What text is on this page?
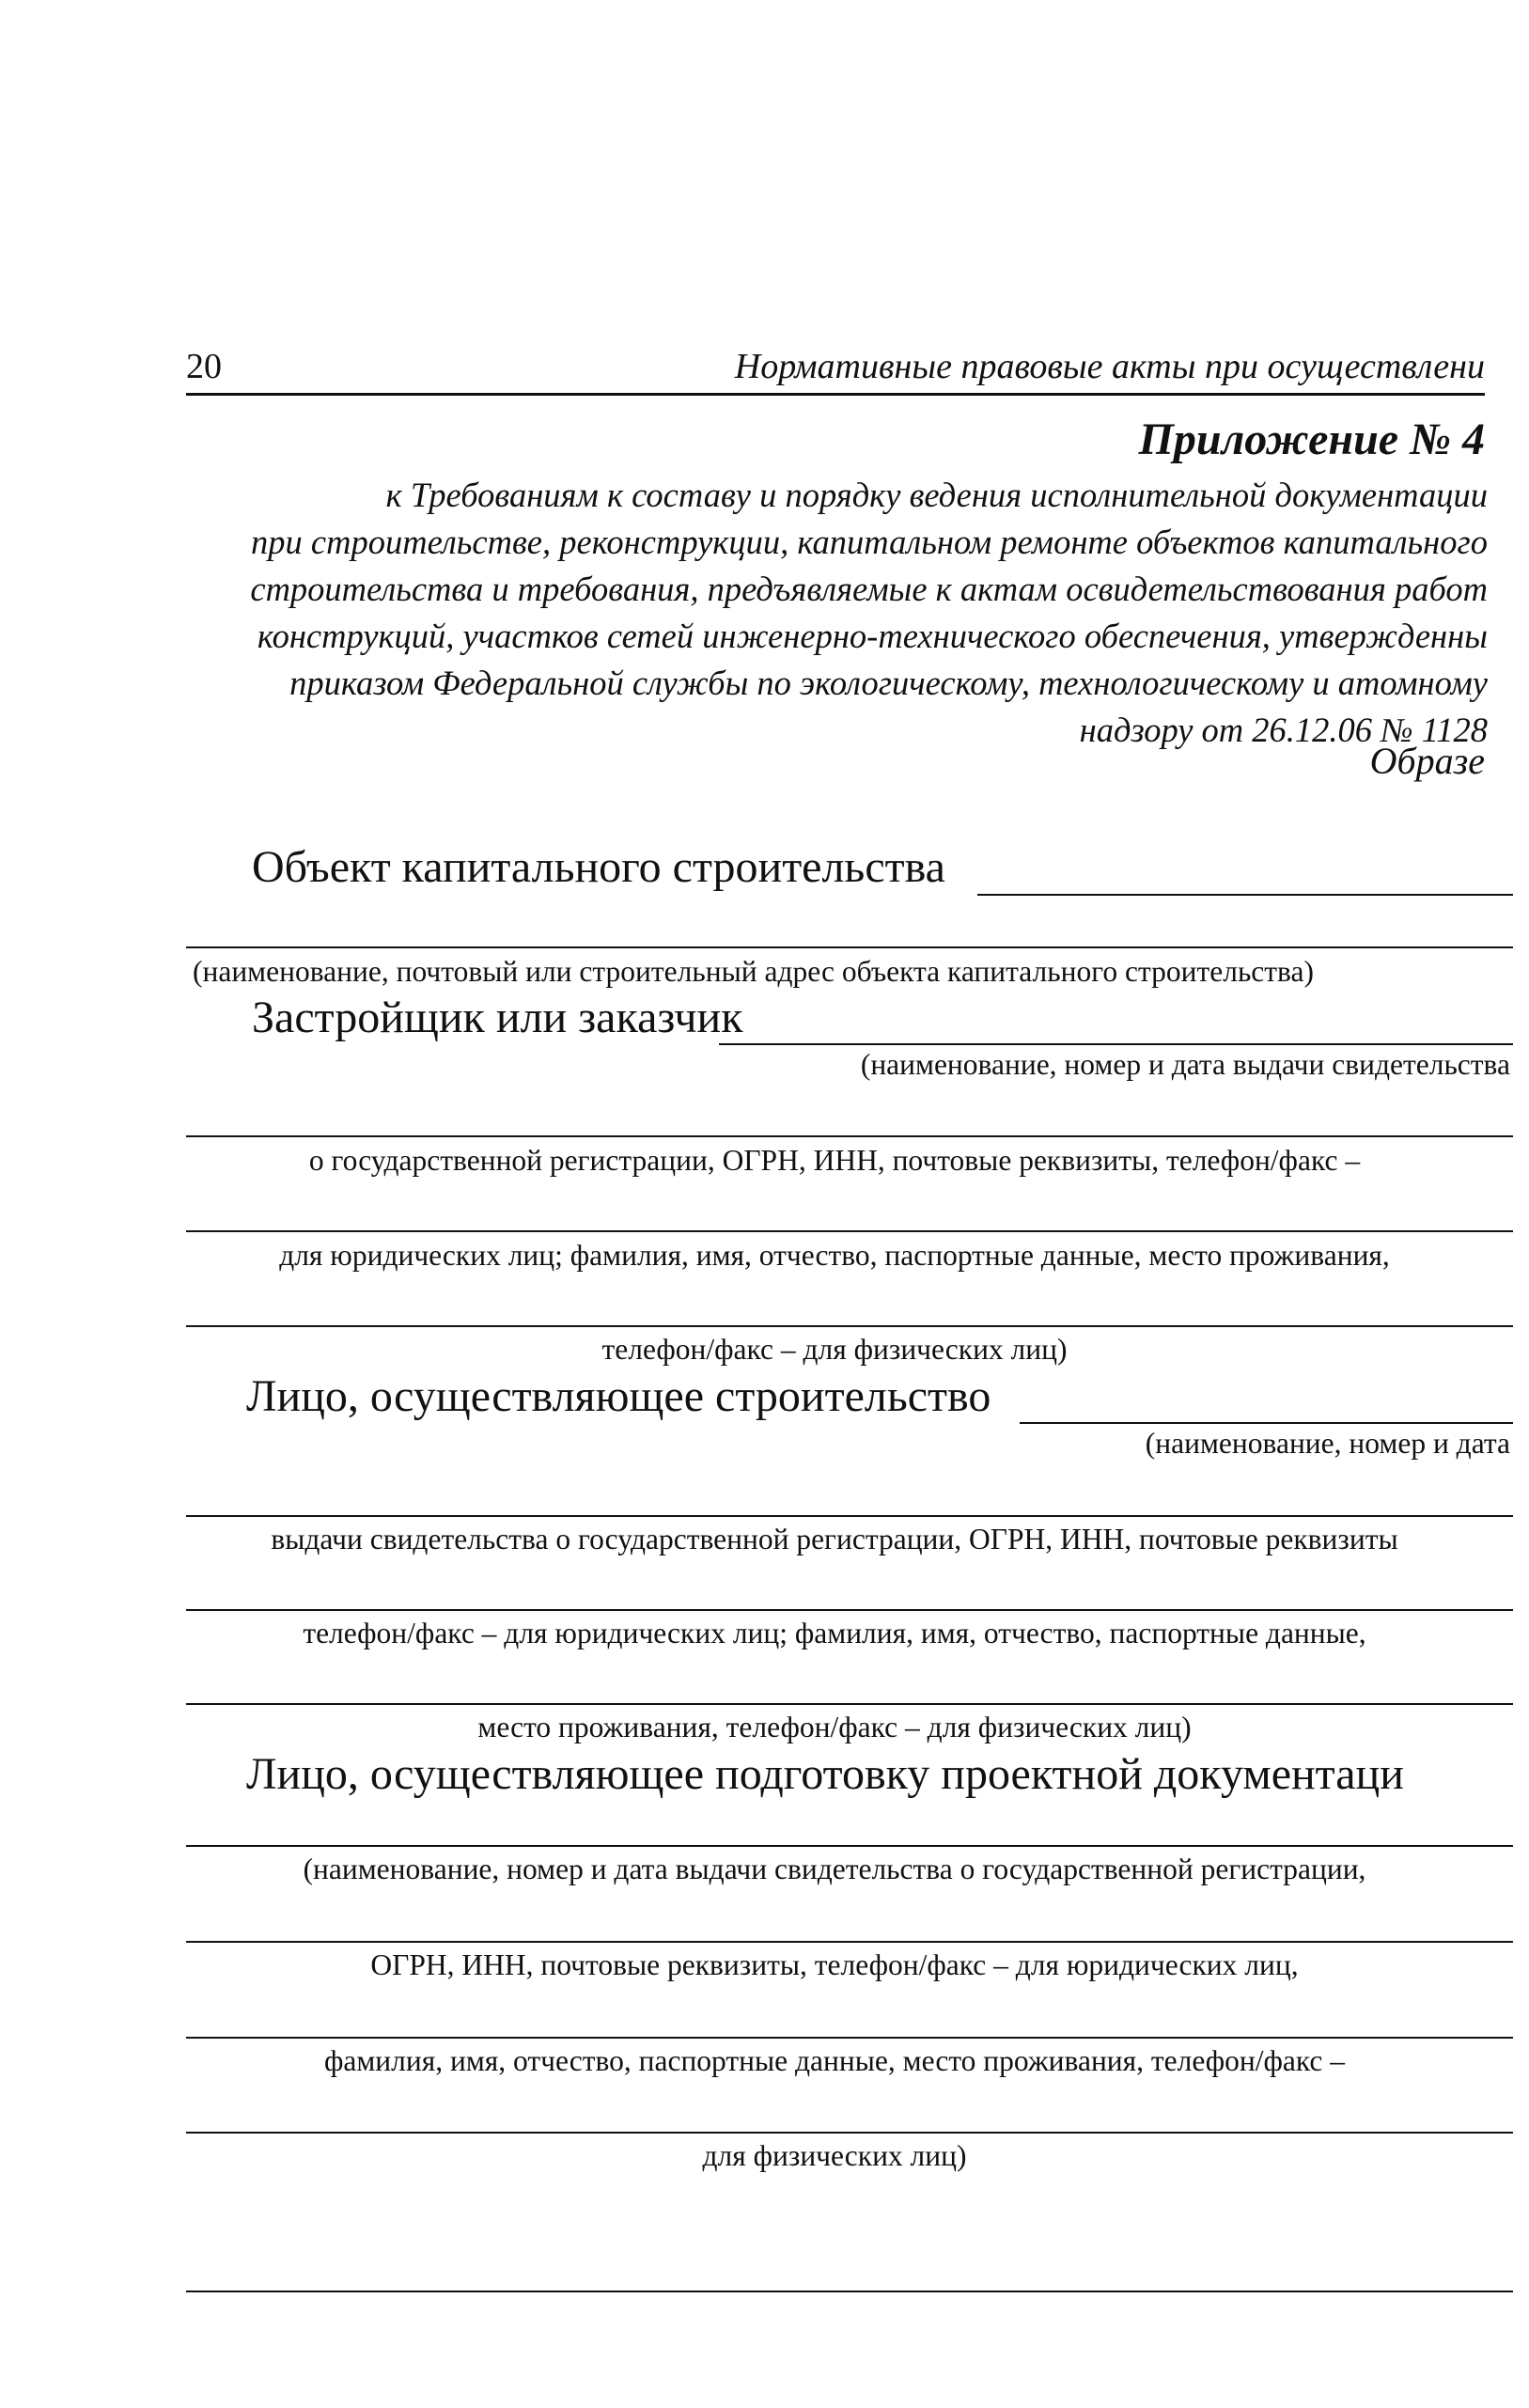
20	Нормативные правовые акты при осуществлени
Приложение № 4
к Требованиям к составу и порядку ведения исполнительной документации
при строительстве, реконструкции, капитальном ремонте объектов капитального
строительства и требования, предъявляемые к актам освидетельствования работ
конструкций, участков сетей инженерно-технического обеспечения, утвержденны
приказом Федеральной службы по экологическому, технологическому и атомному
надзору от 26.12.06 № 1128
Образе
Объект капитального строительства
(наименование, почтовый или строительный адрес объекта капитального строительства)
Застройщик или заказчик
(наименование, номер и дата выдачи свидетельства
о государственной регистрации, ОГРН, ИНН, почтовые реквизиты, телефон/факс –
для юридических лиц; фамилия, имя, отчество, паспортные данные, место проживания,
телефон/факс – для физических лиц)
Лицо, осуществляющее строительство
(наименование, номер и дата
выдачи свидетельства о государственной регистрации, ОГРН, ИНН, почтовые реквизиты
телефон/факс – для юридических лиц; фамилия, имя, отчество, паспортные данные,
место проживания, телефон/факс – для физических лиц)
Лицо, осуществляющее подготовку проектной документаци
(наименование, номер и дата выдачи свидетельства о государственной регистрации,
ОГРН, ИНН, почтовые реквизиты, телефон/факс – для юридических лиц,
фамилия, имя, отчество, паспортные данные, место проживания, телефон/факс –
для физических лиц)
